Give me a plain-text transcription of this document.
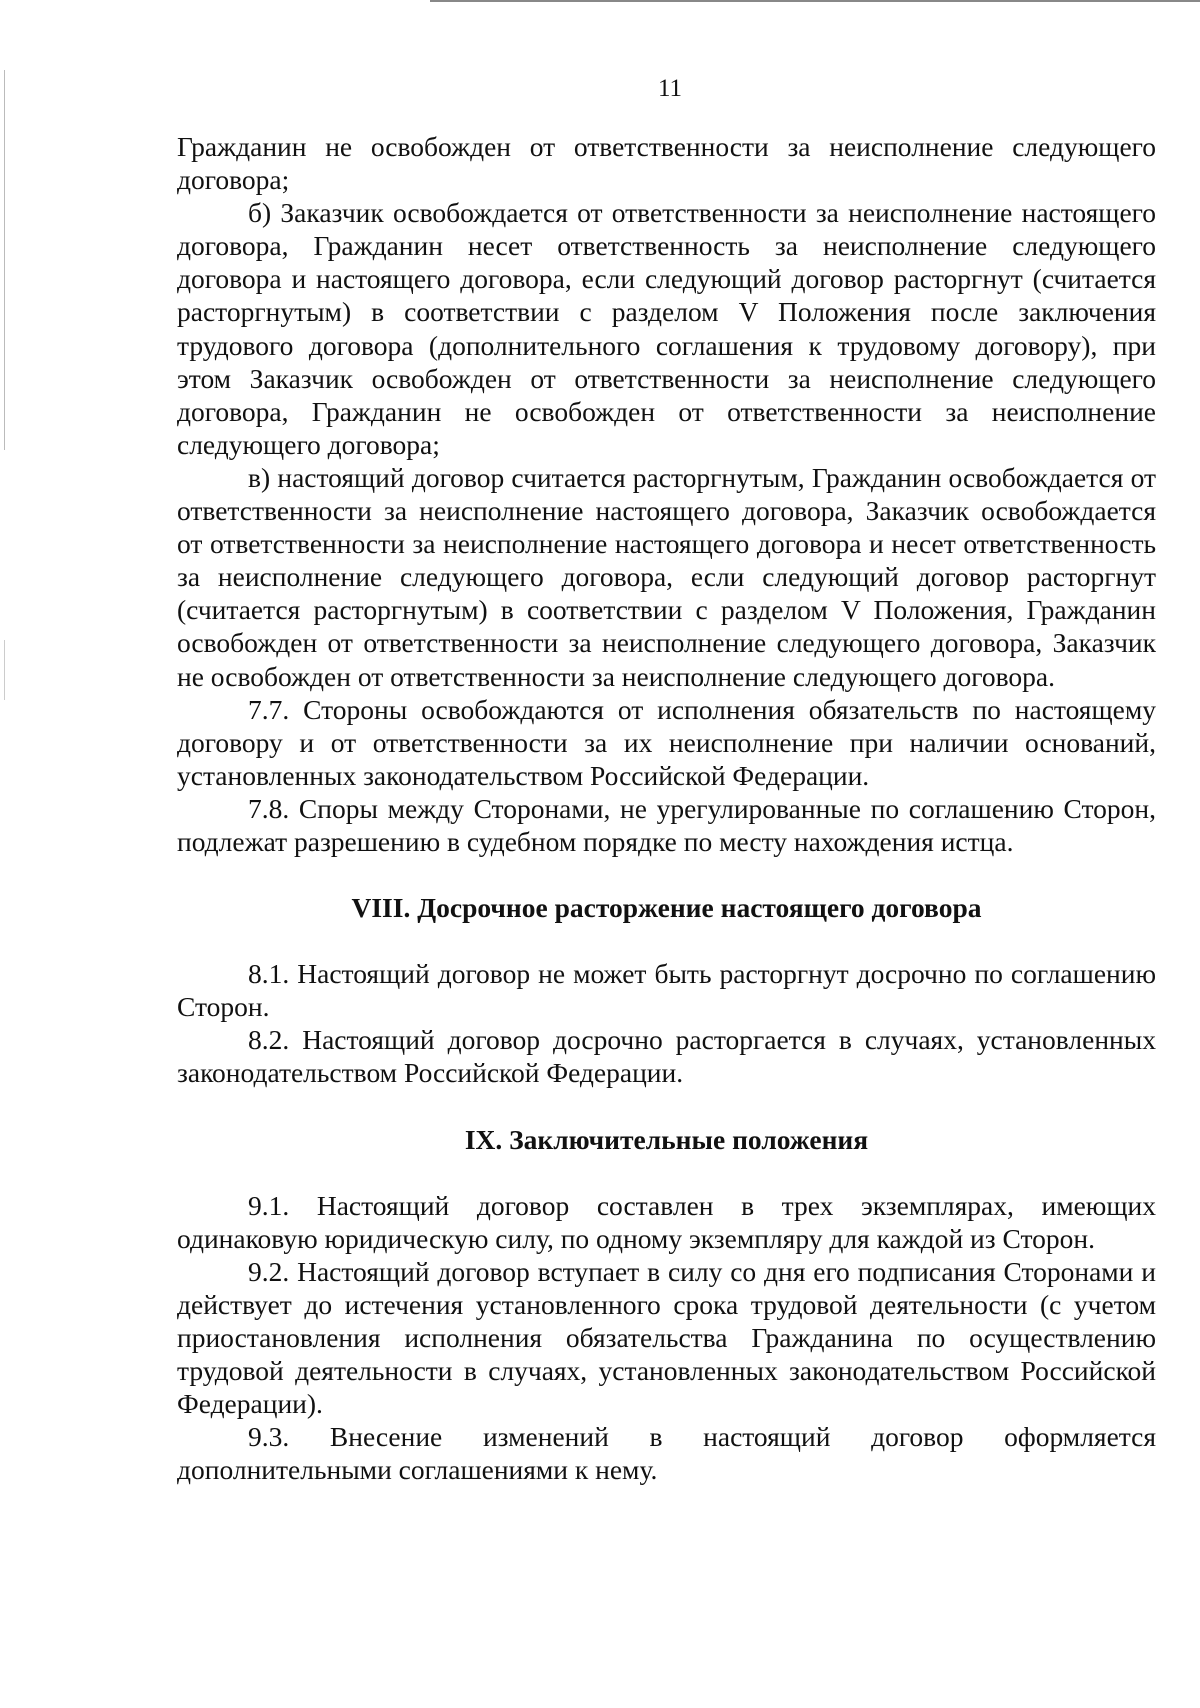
11

Гражданин не освобожден от ответственности за неисполнение следующего договора;

б) Заказчик освобождается от ответственности за неисполнение настоящего договора, Гражданин несет ответственность за неисполнение следующего договора и настоящего договора, если следующий договор расторгнут (считается расторгнутым) в соответствии с разделом V Положения после заключения трудового договора (дополнительного соглашения к трудовому договору), при этом Заказчик освобожден от ответственности за неисполнение следующего договора, Гражданин не освобожден от ответственности за неисполнение следующего договора;

в) настоящий договор считается расторгнутым, Гражданин освобождается от ответственности за неисполнение настоящего договора, Заказчик освобождается от ответственности за неисполнение настоящего договора и несет ответственность за неисполнение следующего договора, если следующий договор расторгнут (считается расторгнутым) в соответствии с разделом V Положения, Гражданин освобожден от ответственности за неисполнение следующего договора, Заказчик не освобожден от ответственности за неисполнение следующего договора.

7.7. Стороны освобождаются от исполнения обязательств по настоящему договору и от ответственности за их неисполнение при наличии оснований, установленных законодательством Российской Федерации.

7.8. Споры между Сторонами, не урегулированные по соглашению Сторон, подлежат разрешению в судебном порядке по месту нахождения истца.

VIII. Досрочное расторжение настоящего договора

8.1. Настоящий договор не может быть расторгнут досрочно по соглашению Сторон.

8.2. Настоящий договор досрочно расторгается в случаях, установленных законодательством Российской Федерации.

IX. Заключительные положения

9.1. Настоящий договор составлен в трех экземплярах, имеющих одинаковую юридическую силу, по одному экземпляру для каждой из Сторон.

9.2. Настоящий договор вступает в силу со дня его подписания Сторонами и действует до истечения установленного срока трудовой деятельности (с учетом приостановления исполнения обязательства Гражданина по осуществлению трудовой деятельности в случаях, установленных законодательством Российской Федерации).

9.3. Внесение изменений в настоящий договор оформляется дополнительными соглашениями к нему.
